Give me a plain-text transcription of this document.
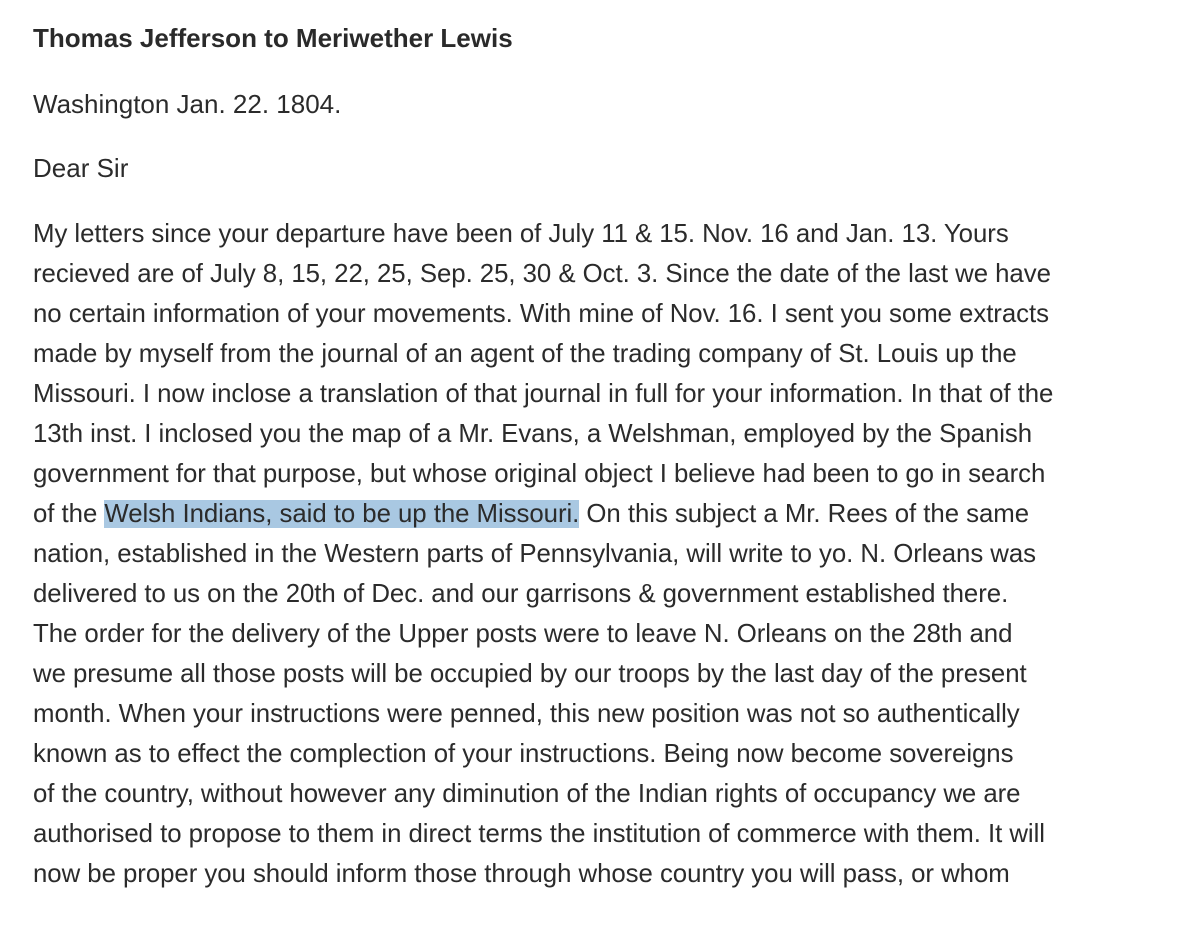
Thomas Jefferson to Meriwether Lewis

Washington Jan. 22. 1804.

Dear Sir

My letters since your departure have been of July 11 & 15. Nov. 16 and Jan. 13. Yours
recieved are of July 8, 15, 22, 25, Sep. 25, 30 & Oct. 3. Since the date of the last we have
no certain information of your movements. With mine of Nov. 16. I sent you some extracts
made by myself from the journal of an agent of the trading company of St. Louis up the
Missouri. I now inclose a translation of that journal in full for your information. In that of the
13th inst. I inclosed you the map of a Mr. Evans, a Welshman, employed by the Spanish
government for that purpose, but whose original object I believe had been to go in search
of the Welsh Indians, said to be up the Missouri. On this subject a Mr. Rees of the same
nation, established in the Western parts of Pennsylvania, will write to yo. N. Orleans was
delivered to us on the 20th of Dec. and our garrisons & government established there.
The order for the delivery of the Upper posts were to leave N. Orleans on the 28th and
we presume all those posts will be occupied by our troops by the last day of the present
month. When your instructions were penned, this new position was not so authentically
known as to effect the complection of your instructions. Being now become sovereigns
of the country, without however any diminution of the Indian rights of occupancy we are
authorised to propose to them in direct terms the institution of commerce with them. It will
now be proper you should inform those through whose country you will pass, or whom
